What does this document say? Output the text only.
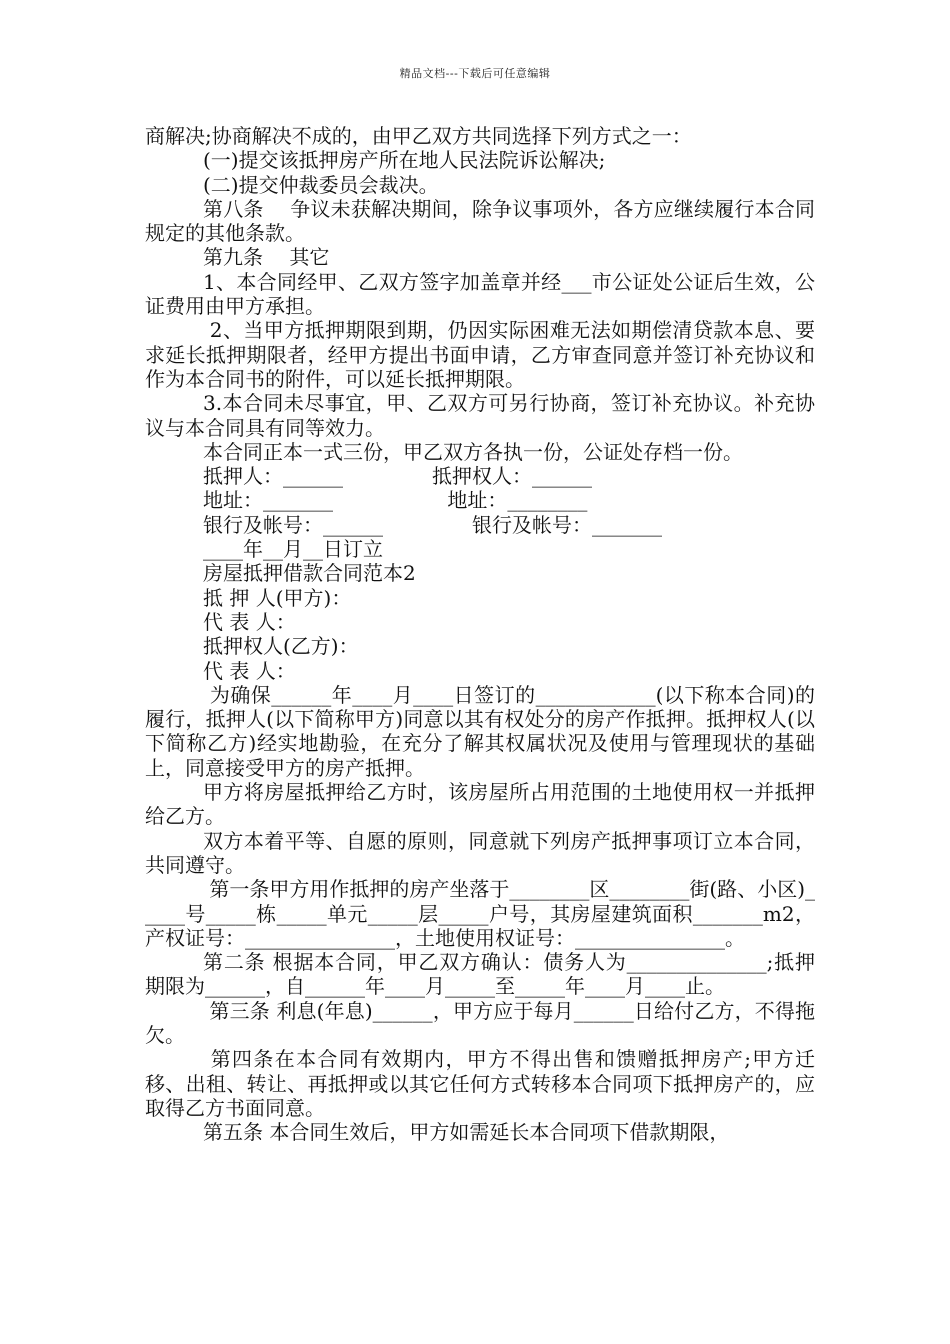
精品文档---下载后可任意编辑

商解决;协商解决不成的，由甲乙双方共同选择下列方式之一：

(一)提交该抵押房产所在地人民法院诉讼解决;

(二)提交仲裁委员会裁决。

第八条　 争议未获解决期间，除争议事项外，各方应继续履行本合同规定的其他条款。

第九条　 其它

1、本合同经甲、乙双方签字加盖章并经___市公证处公证后生效，公证费用由甲方承担。

2、当甲方抵押期限到期，仍因实际困难无法如期偿清贷款本息、要求延长抵押期限者，经甲方提出书面申请，乙方审查同意并签订补充协议和作为本合同书的附件，可以延长抵押期限。

3.本合同未尽事宜，甲、乙双方可另行协商，签订补充协议。补充协议与本合同具有同等效力。

本合同正本一式三份，甲乙双方各执一份，公证处存档一份。

抵押人：______              抵押权人：______

地址：_______                  地址：________

银行及帐号：______              银行及帐号：_______

____年__月__日订立

房屋抵押借款合同范本2

抵 押 人(甲方)：

代 表 人：

抵押权人(乙方)：

代 表 人：

为确保______年____月____日签订的____________(以下称本合同)的履行，抵押人(以下简称甲方)同意以其有权处分的房产作抵押。抵押权人(以下简称乙方)经实地勘验，在充分了解其权属状况及使用与管理现状的基础上，同意接受甲方的房产抵押。

甲方将房屋抵押给乙方时，该房屋所占用范围的土地使用权一并抵押给乙方。

双方本着平等、自愿的原则，同意就下列房产抵押事项订立本合同，共同遵守。

第一条甲方用作抵押的房产坐落于________区________街(路、小区)_____号_____栋_____单元_____层_____户号，其房屋建筑面积_______m2，产权证号：_______________，土地使用权证号：_______________。

第二条 根据本合同，甲乙双方确认：债务人为______________;抵押期限为______，自______年____月_____至_____年____月____止。

第三条 利息(年息)______，甲方应于每月______日给付乙方，不得拖欠。

第四条在本合同有效期内，甲方不得出售和馈赠抵押房产;甲方迁移、出租、转让、再抵押或以其它任何方式转移本合同项下抵押房产的，应取得乙方书面同意。

第五条 本合同生效后，甲方如需延长本合同项下借款期限，
